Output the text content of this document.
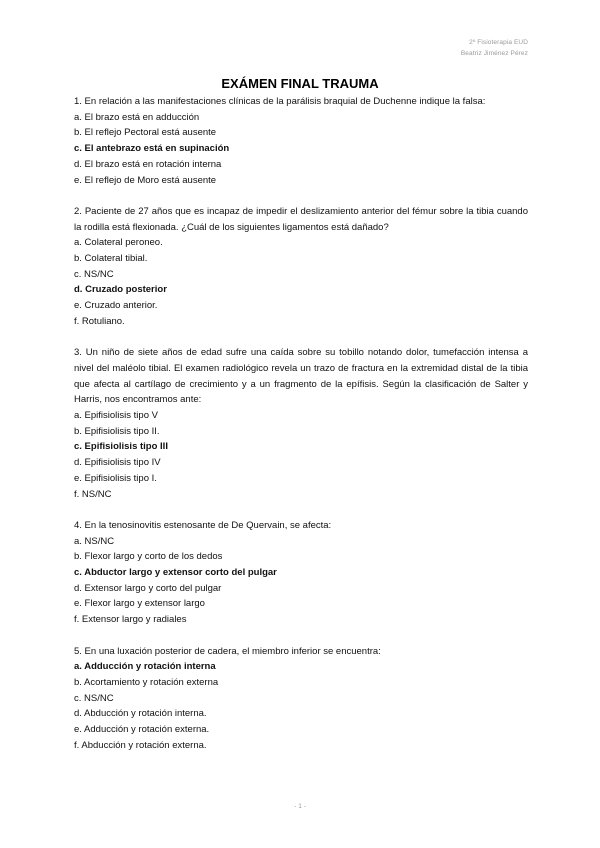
2º Fisioterapia EUD
Beatriz Jiménez Pérez
EXÁMEN FINAL TRAUMA

1. En relación a las manifestaciones clínicas de la parálisis braquial de Duchenne indique la falsa:

a. El brazo está en adducción

b. El reflejo Pectoral está ausente

c. El antebrazo está en supinación

d. El brazo está en rotación interna

e. El reflejo de Moro está ausente

2. Paciente de 27 años que es incapaz de impedir el deslizamiento anterior del fémur sobre la tibia cuando la rodilla está flexionada. ¿Cuál de los siguientes ligamentos está dañado?

a. Colateral peroneo.

b. Colateral tibial.

c. NS/NC

d. Cruzado posterior

e. Cruzado anterior.

f. Rotuliano.

3. Un niño de siete años de edad sufre una caída sobre su tobillo notando dolor, tumefacción intensa a nivel del maléolo tibial. El examen radiológico revela un trazo de fractura en la extremidad distal de la tibia que afecta al cartílago de crecimiento y a un fragmento de la epífisis. Según la clasificación de Salter y Harris, nos encontramos ante:

a. Epifisiolisis tipo V

b. Epifisiolisis tipo II.

c. Epifisiolisis tipo III

d. Epifisiolisis tipo IV

e. Epifisiolisis tipo I.

f. NS/NC

4. En la tenosinovitis estenosante de De Quervain, se afecta:

a. NS/NC

b. Flexor largo y corto de los dedos

c. Abductor largo y extensor corto del pulgar

d. Extensor largo y corto del pulgar

e. Flexor largo y extensor largo

f. Extensor largo y radiales

5. En una luxación posterior de cadera, el miembro inferior se encuentra:

a. Adducción y rotación interna

b. Acortamiento y rotación externa

c. NS/NC

d. Abducción y rotación interna.

e. Adducción y rotación externa.

f. Abducción y rotación externa.

- 1 -
